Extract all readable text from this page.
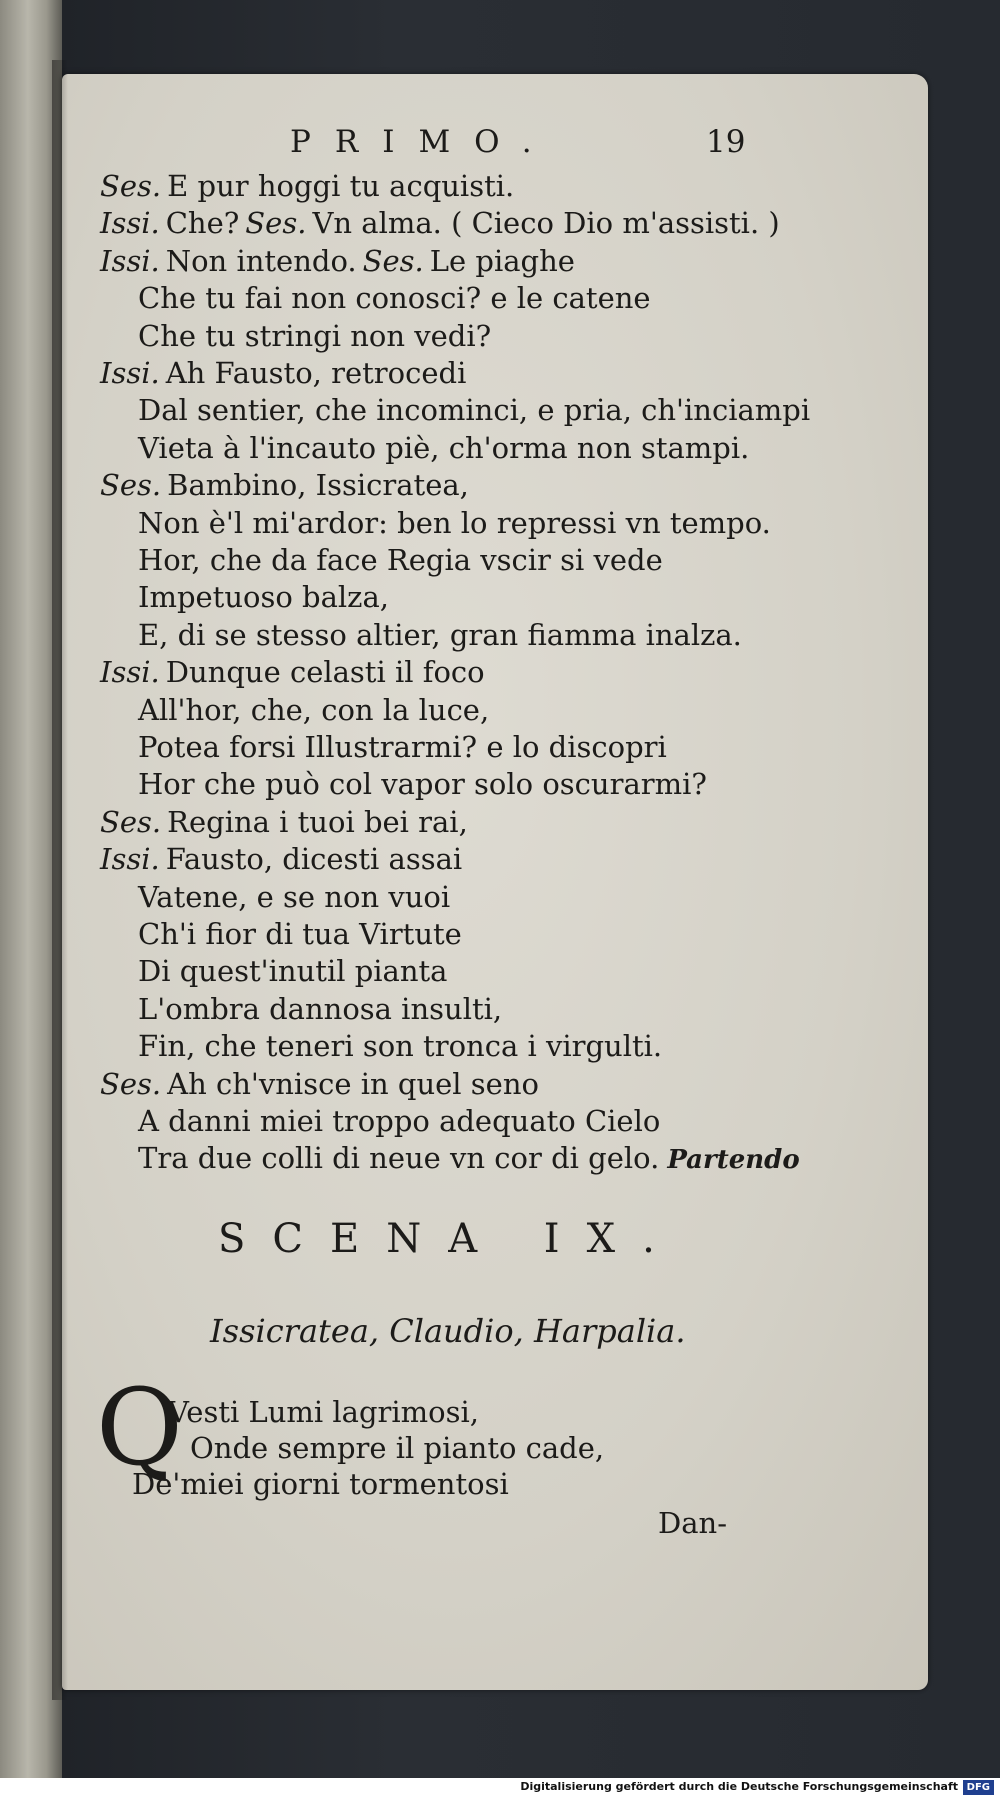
PRIMO.	19
Ses. E pur hoggi tu acquisti.
Issi. Che? Ses. Vn alma. ( Cieco Dio m'assisti. )
Issi. Non intendo. Ses. Le piaghe
Che tu fai non conosci? e le catene
Che tu stringi non vedi?
Issi. Ah Fausto, retrocedi
Dal sentier, che incominci, e pria, ch'inciampi
Vieta à l'incauto piè, ch'orma non stampi.
Ses. Bambino, Issicratea,
Non è'l mi'ardor: ben lo repressi vn tempo.
Hor, che da face Regia vscir si vede
Impetuoso balza,
E, di se stesso altier, gran fiamma inalza.
Issi. Dunque celasti il foco
All'hor, che, con la luce,
Potea forsi Illustrarmi? e lo discopri
Hor che può col vapor solo oscurarmi?
Ses. Regina i tuoi bei rai,
Issi. Fausto, dicesti assai
Vatene, e se non vuoi
Ch'i fior di tua Virtute
Di quest'inutil pianta
L'ombra dannosa insulti,
Fin, che teneri son tronca i virgulti.
Ses. Ah ch'vnisce in quel seno
A danni miei troppo adequato Cielo
Tra due colli di neue vn cor di gelo. Partendo
SCENA IX.
Issicratea, Claudio, Harpalia.
Q
Vesti Lumi lagrimosi,
Onde sempre il pianto cade,
De'miei giorni tormentosi
Dan-
Digitalisierung gefördert durch die Deutsche Forschungsgemeinschaft DFG
